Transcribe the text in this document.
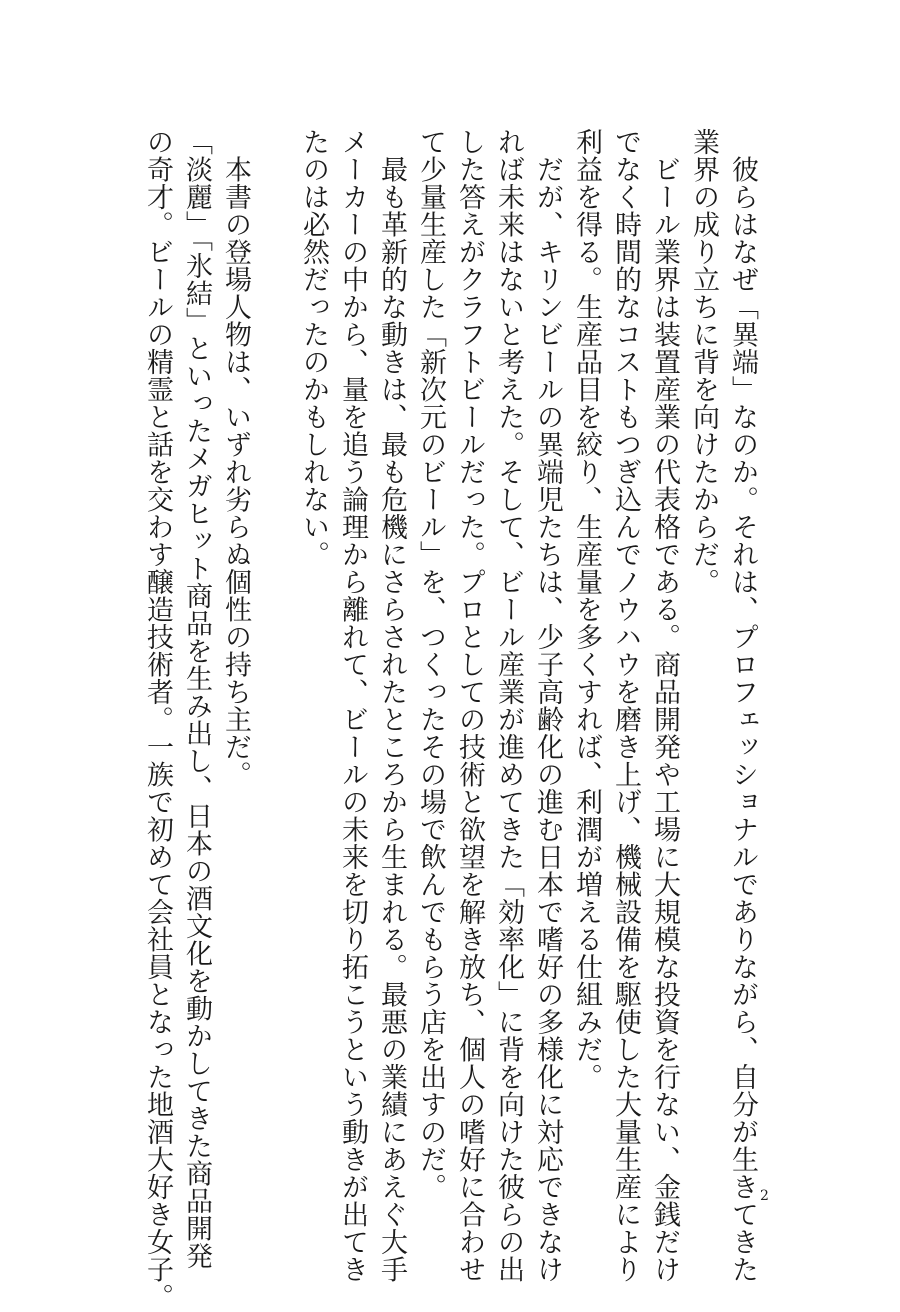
　彼らはなぜ「異端」なのか。それは、プロフェッショナルでありながら、自分が生きてきた
業界の成り立ちに背を向けたからだ。
　ビール業界は装置産業の代表格である。商品開発や工場に大規模な投資を行ない、金銭だけ
でなく時間的なコストもつぎ込んでノウハウを磨き上げ、機械設備を駆使した大量生産により
利益を得る。生産品目を絞り、生産量を多くすれば、利潤が増える仕組みだ。
　だが、キリンビールの異端児たちは、少子高齢化の進む日本で嗜好の多様化に対応できなけ
れば未来はないと考えた。そして、ビール産業が進めてきた「効率化」に背を向けた彼らの出
した答えがクラフトビールだった。プロとしての技術と欲望を解き放ち、個人の嗜好に合わせ
て少量生産した「新次元のビール」を、つくったその場で飲んでもらう店を出すのだ。
　最も革新的な動きは、最も危機にさらされたところから生まれる。最悪の業績にあえぐ大手
メーカーの中から、量を追う論理から離れて、ビールの未来を切り拓こうという動きが出てき
たのは必然だったのかもしれない。
　本書の登場人物は、いずれ劣らぬ個性の持ち主だ。
「淡麗」「氷結」といったメガヒット商品を生み出し、日本の酒文化を動かしてきた商品開発
の奇才。ビールの精霊と話を交わす醸造技術者。一族で初めて会社員となった地酒大好き女子。	2
